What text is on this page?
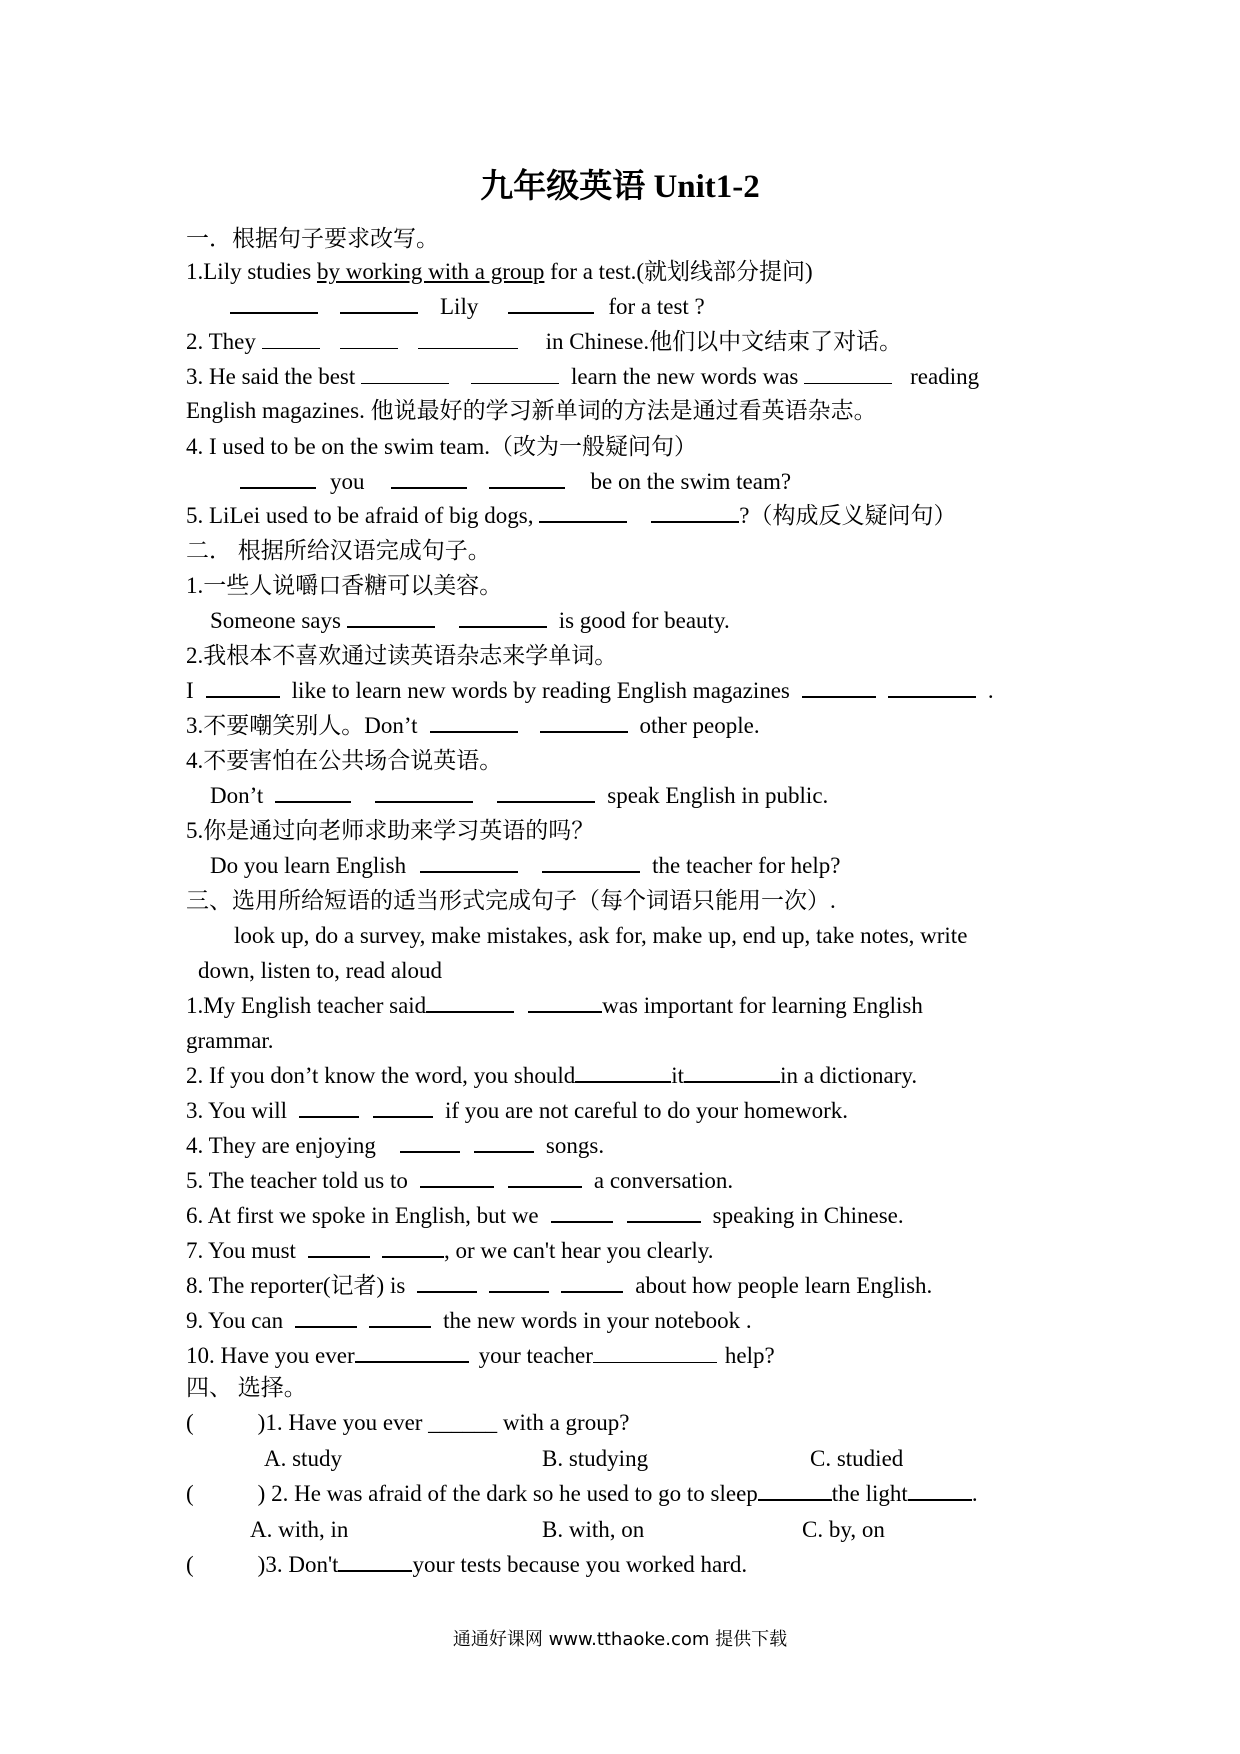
九年级英语 Unit1-2
一．根据句子要求改写。
1.Lily studies by working with a group for a test.(就划线部分提问)
Lily	for a test ?
2. They	in Chinese.他们以中文结束了对话。
3. He said the best	learn the new words was	reading
English magazines. 他说最好的学习新单词的方法是通过看英语杂志。
4. I used to be on the swim team.（改为一般疑问句）
you	be on the swim team?
5. LiLei used to be afraid of big dogs,	?（构成反义疑问句）
二． 根据所给汉语完成句子。
1.一些人说嚼口香糖可以美容。
Someone says	is good for beauty.
2.我根本不喜欢通过读英语杂志来学单词。
I	like to learn new words by reading English magazines	.
3.不要嘲笑别人。Don’t	other people.
4.不要害怕在公共场合说英语。
Don’t	speak English in public.
5.你是通过向老师求助来学习英语的吗？
Do you learn English	the teacher for help?
三、选用所给短语的适当形式完成句子（每个词语只能用一次）.
look up, do a survey, make mistakes, ask for, make up, end up, take notes, write
down, listen to, read aloud
1.My English teacher said	was important for learning English
grammar.
2. If you don’t know the word, you should	it	in a dictionary.
3. You will	if you are not careful to do your homework.
4. They are enjoying	songs.
5. The teacher told us to	a conversation.
6. At first we spoke in English, but we	speaking in Chinese.
7. You must	, or we can't hear you clearly.
8. The reporter(记者) is	about how people learn English.
9. You can	the new words in your notebook .
10. Have you ever	your teacher	help?
四、 选择。
(	)1. Have you ever ______ with a group?
A. study	B. studying	C. studied
(	) 2. He was afraid of the dark so he used to go to sleep	the light	.
A. with, in	B. with, on	C. by, on
(	)3. Don't	your tests because you worked hard.
通通好课网 www.tthaoke.com 提供下载
